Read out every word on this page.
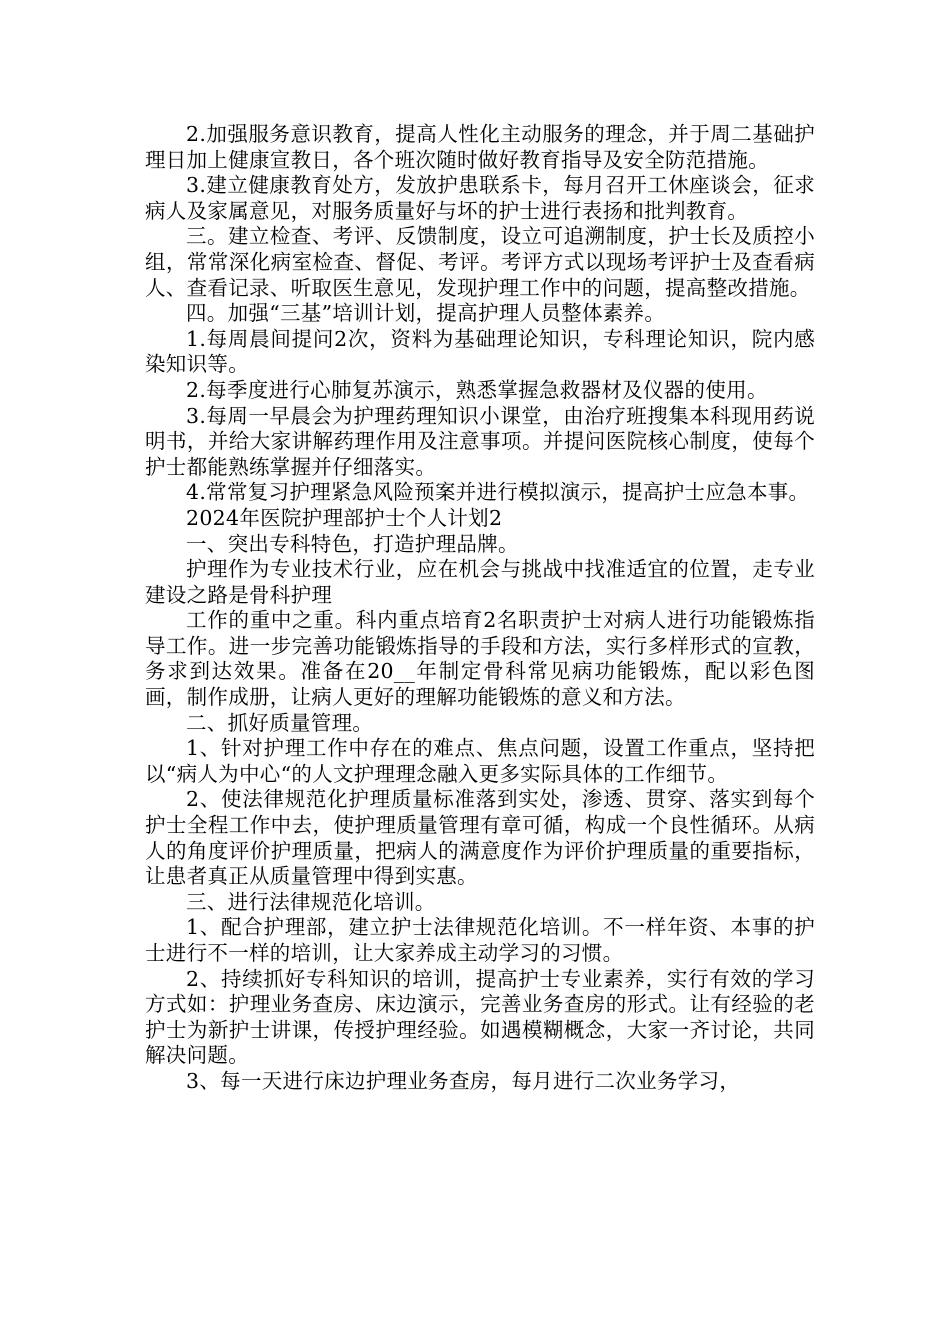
2.加强服务意识教育，提高人性化主动服务的理念，并于周二基础护理日加上健康宣教日，各个班次随时做好教育指导及安全防范措施。

3.建立健康教育处方，发放护患联系卡，每月召开工休座谈会，征求病人及家属意见，对服务质量好与坏的护士进行表扬和批判教育。

三。建立检查、考评、反馈制度，设立可追溯制度，护士长及质控小组，常常深化病室检查、督促、考评。考评方式以现场考评护士及查看病人、查看记录、听取医生意见，发现护理工作中的问题，提高整改措施。

四。加强“三基”培训计划，提高护理人员整体素养。

1.每周晨间提问2次，资料为基础理论知识，专科理论知识，院内感染知识等。

2.每季度进行心肺复苏演示，熟悉掌握急救器材及仪器的使用。

3.每周一早晨会为护理药理知识小课堂，由治疗班搜集本科现用药说明书，并给大家讲解药理作用及注意事项。并提问医院核心制度，使每个护士都能熟练掌握并仔细落实。

4.常常复习护理紧急风险预案并进行模拟演示，提高护士应急本事。

2024年医院护理部护士个人计划2

一、突出专科特色，打造护理品牌。

护理作为专业技术行业，应在机会与挑战中找准适宜的位置，走专业建设之路是骨科护理

工作的重中之重。科内重点培育2名职责护士对病人进行功能锻炼指导工作。进一步完善功能锻炼指导的手段和方法，实行多样形式的宣教，务求到达效果。准备在20__年制定骨科常见病功能锻炼，配以彩色图画，制作成册，让病人更好的理解功能锻炼的意义和方法。

二、抓好质量管理。

1、针对护理工作中存在的难点、焦点问题，设置工作重点，坚持把以“病人为中心“的人文护理理念融入更多实际具体的工作细节。

2、使法律规范化护理质量标准落到实处，渗透、贯穿、落实到每个护士全程工作中去，使护理质量管理有章可循，构成一个良性循环。从病人的角度评价护理质量，把病人的满意度作为评价护理质量的重要指标，让患者真正从质量管理中得到实惠。

三、进行法律规范化培训。

1、配合护理部，建立护士法律规范化培训。不一样年资、本事的护士进行不一样的培训，让大家养成主动学习的习惯。

2、持续抓好专科知识的培训，提高护士专业素养，实行有效的学习方式如：护理业务查房、床边演示，完善业务查房的形式。让有经验的老护士为新护士讲课，传授护理经验。如遇模糊概念，大家一齐讨论，共同解决问题。

3、每一天进行床边护理业务查房，每月进行二次业务学习，
